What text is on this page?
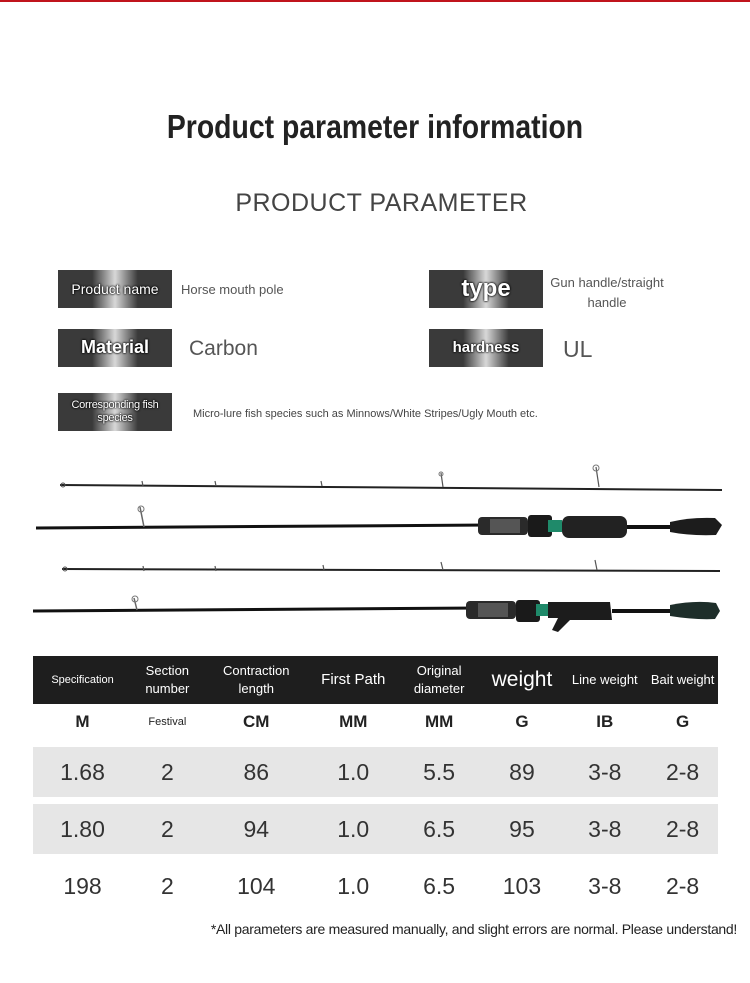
Product parameter information
PRODUCT PARAMETER
Product name Horse mouth pole	type	Gun handle/straight handle
Material Carbon	hardness UL
Corresponding fish species	Micro-lure fish species such as Minnows/White Stripes/Ugly Mouth etc.
Specification	Section number	Contraction length	First Path	Original diameter	weight	Line weight	Bait weight
M	Festival	CM	MM	MM	G	IB	G

1.68	2	86	1.0	5.5	89	3-8	2-8

1.80	2	94	1.0	6.5	95	3-8	2-8

198	2	104	1.0	6.5	103	3-8	2-8
*All parameters are measured manually, and slight errors are normal. Please understand!
